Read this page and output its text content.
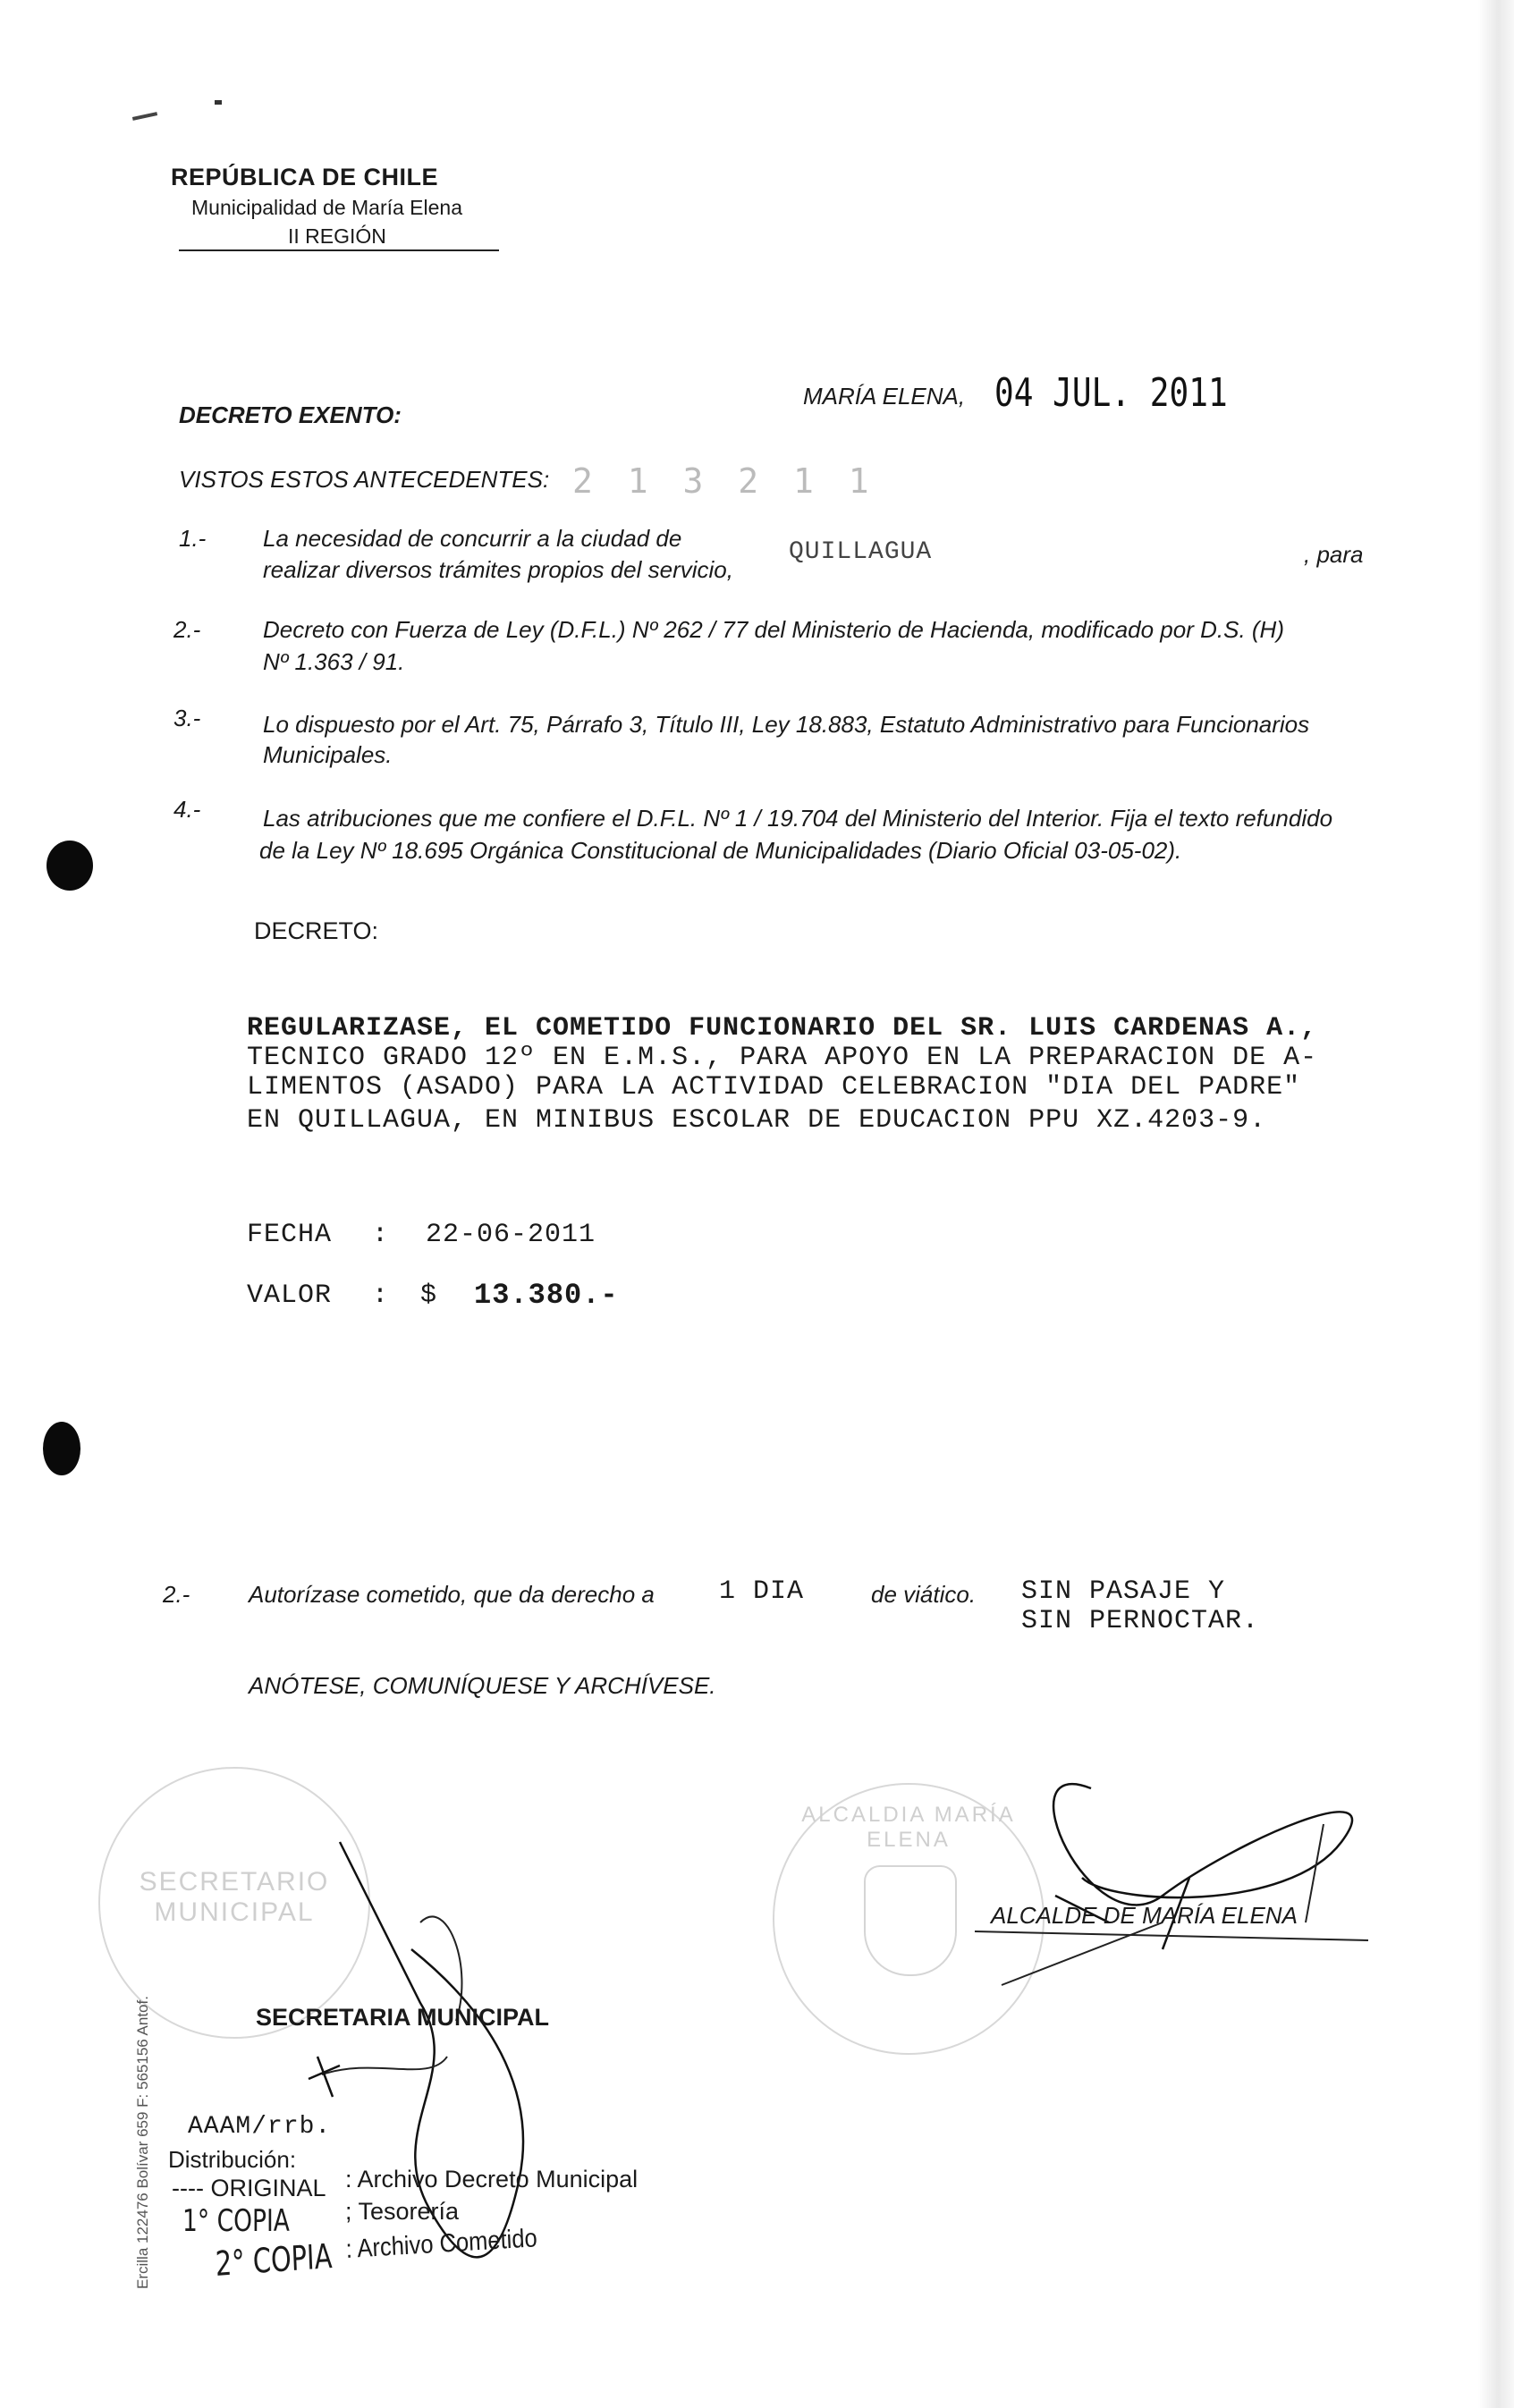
REPÚBLICA DE CHILE
Municipalidad de María Elena
II REGIÓN
DECRETO EXENTO:
MARÍA ELENA, 04 JUL. 2011
VISTOS ESTOS ANTECEDENTES: 2 1 3 2 1 1
1.- La necesidad de concurrir a la ciudad de
realizar diversos trámites propios del servicio,
QUILLAGUA	, para
2.-	Decreto con Fuerza de Ley (D.F.L.) Nº 262 / 77 del Ministerio de Hacienda, modificado por D.S. (H)
Nº 1.363 / 91.
3.-	Lo dispuesto por el Art. 75, Párrafo 3, Título III, Ley 18.883, Estatuto Administrativo para Funcionarios
Municipales.
4.-	Las atribuciones que me confiere el D.F.L. Nº 1 / 19.704 del Ministerio del Interior. Fija el texto refundido
de la Ley Nº 18.695 Orgánica Constitucional de Municipalidades (Diario Oficial 03-05-02).
DECRETO:
REGULARIZASE, EL COMETIDO FUNCIONARIO DEL SR. LUIS CARDENAS A.,
TECNICO GRADO 12º EN E.M.S., PARA APOYO EN LA PREPARACION DE A-
LIMENTOS (ASADO) PARA LA ACTIVIDAD CELEBRACION "DIA DEL PADRE"
EN QUILLAGUA, EN MINIBUS ESCOLAR DE EDUCACION PPU XZ.4203-9.
FECHA : 22-06-2011
VALOR : $ 13.380.-
2.-	Autorízase cometido, que da derecho a 1 DIA	de viático. SIN PASAJE Y
SIN PERNOCTAR.
ANÓTESE, COMUNÍQUESE Y ARCHÍVESE.
SECRETARIO MUNICIPAL
ALCALDIA MARÍA ELENA
ALCALDE DE MARÍA ELENA
SECRETARIA MUNICIPAL
AAAM/rrb.
Distribución:
---- ORIGINAL : Archivo Decreto Municipal
1° COPIA ; Tesorería
2° COPIA : Archivo Cometido
Ercilla 122476 Bolívar 659 F: 565156 Antof.
